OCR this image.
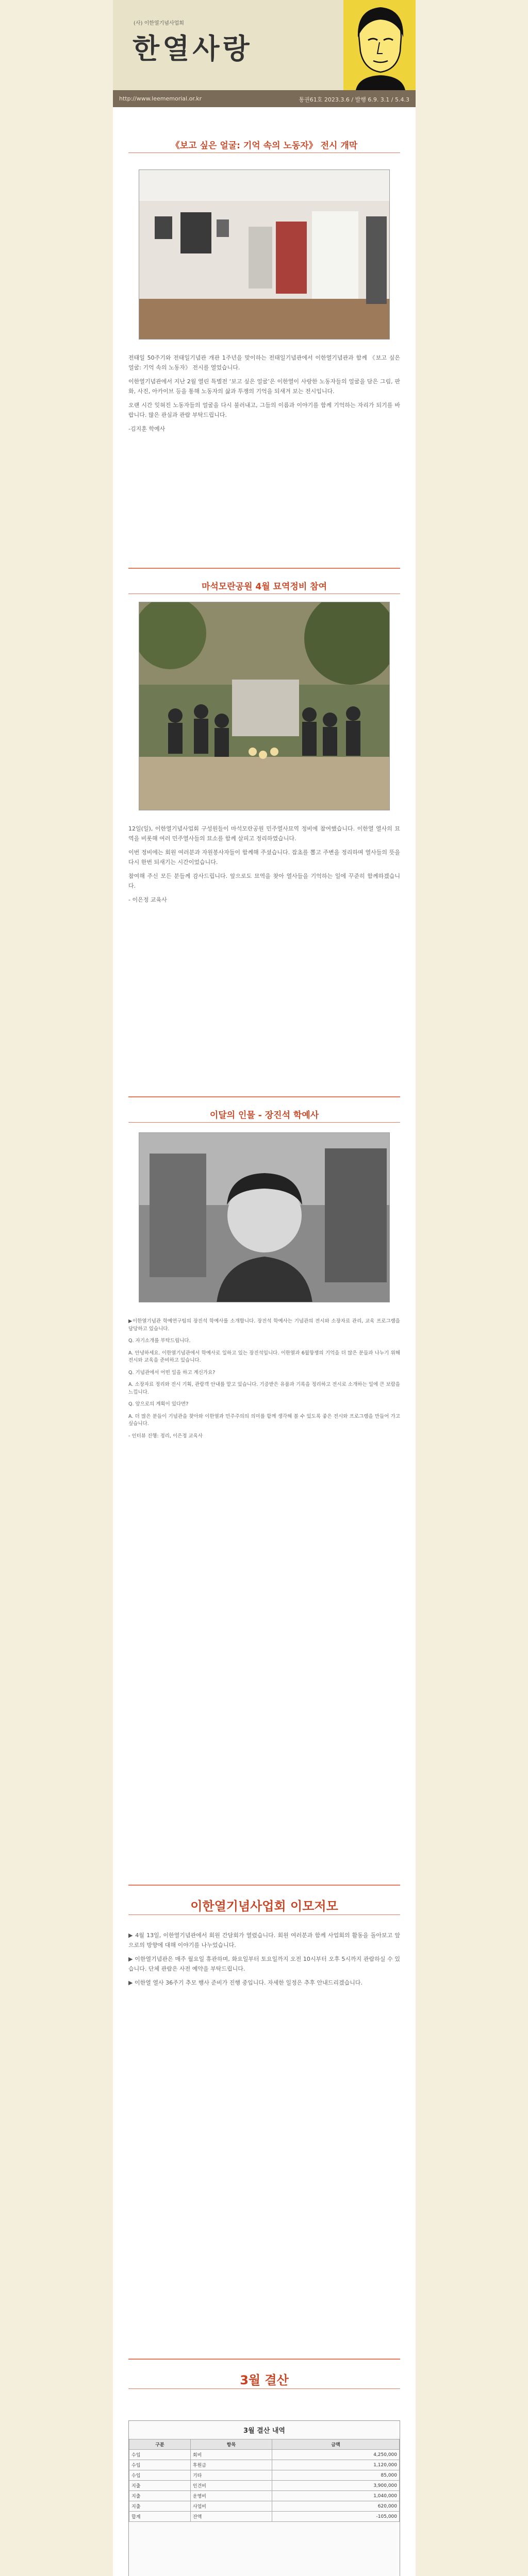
(사) 이한열기념사업회
한열사랑
http://www.leememorial.or.kr	통권61호 2023.3.6 / 발행 6.9. 3.1 / 5.4.3
《보고 싶은 얼굴: 기억 속의 노동자》 전시 개막

전태일 50주기와 전태일기념관 개관 1주년을 맞이하는 전태일기념관에서 이한열기념관과 함께 《보고 싶은 얼굴: 기억 속의 노동자》 전시를 열었습니다.

이한열기념관에서 지난 2월 열린 특별전 ‘보고 싶은 얼굴’은 이한열이 사랑한 노동자들의 얼굴을 담은 그림, 판화, 사진, 아카이브 등을 통해 노동자의 삶과 투쟁의 기억을 되새겨 보는 전시입니다.

오랜 시간 잊혀진 노동자들의 얼굴을 다시 불러내고, 그들의 이름과 이야기를 함께 기억하는 자리가 되기를 바랍니다. 많은 관심과 관람 부탁드립니다.

-김지훈 학예사

마석모란공원 4월 묘역정비 참여

12일(일), 이한열기념사업회 구성원들이 마석모란공원 민주열사묘역 정비에 참여했습니다. 이한열 열사의 묘역을 비롯해 여러 민주열사들의 묘소를 함께 살피고 정리하였습니다.

이번 정비에는 회원 여러분과 자원봉사자들이 함께해 주셨습니다. 잡초를 뽑고 주변을 정리하며 열사들의 뜻을 다시 한번 되새기는 시간이었습니다.

참여해 주신 모든 분들께 감사드립니다. 앞으로도 묘역을 찾아 열사들을 기억하는 일에 꾸준히 함께하겠습니다.

- 이은정 교육사

이달의 인물 - 장진석 학예사

▶이한열기념관 학예연구팀의 장진석 학예사를 소개합니다. 장진석 학예사는 기념관의 전시와 소장자료 관리, 교육 프로그램을 담당하고 있습니다.

Q. 자기소개를 부탁드립니다.

A. 안녕하세요. 이한열기념관에서 학예사로 일하고 있는 장진석입니다. 이한열과 6월항쟁의 기억을 더 많은 분들과 나누기 위해 전시와 교육을 준비하고 있습니다.

Q. 기념관에서 어떤 일을 하고 계신가요?

A. 소장자료 정리와 전시 기획, 관람객 안내를 맡고 있습니다. 기증받은 유품과 기록을 정리하고 전시로 소개하는 일에 큰 보람을 느낍니다.

Q. 앞으로의 계획이 있다면?

A. 더 많은 분들이 기념관을 찾아와 이한열과 민주주의의 의미를 함께 생각해 볼 수 있도록 좋은 전시와 프로그램을 만들어 가고 싶습니다.

- 인터뷰 진행: 정리, 이은정 교육사

이한열기념사업회 이모저모

▶ 4월 13일, 이한열기념관에서 회원 간담회가 열렸습니다. 회원 여러분과 함께 사업회의 활동을 돌아보고 앞으로의 방향에 대해 이야기를 나누었습니다.

▶ 이한열기념관은 매주 월요일 휴관하며, 화요일부터 토요일까지 오전 10시부터 오후 5시까지 관람하실 수 있습니다. 단체 관람은 사전 예약을 부탁드립니다.

▶ 이한열 열사 36주기 추모 행사 준비가 진행 중입니다. 자세한 일정은 추후 안내드리겠습니다.

3월 결산
3월 결산 내역
구분	항목	금액
수입	회비	4,250,000
수입	후원금	1,120,000
수입	기타	85,000
지출	인건비	3,900,000
지출	운영비	1,040,000
지출	사업비	620,000
합계	잔액	-105,000
